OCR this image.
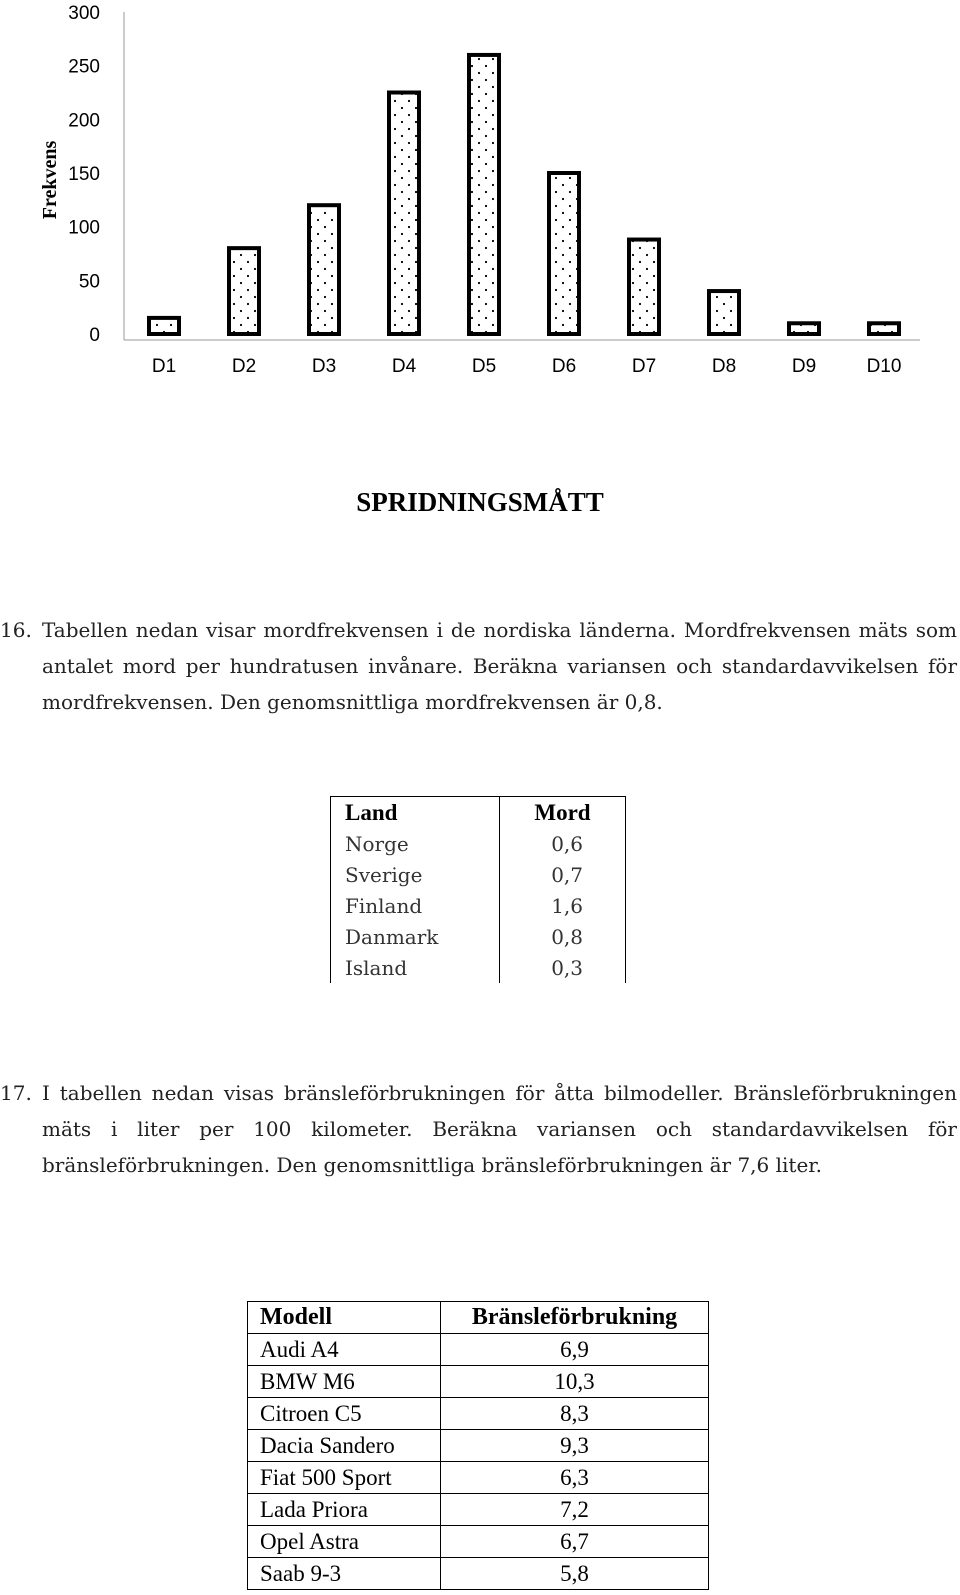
Frekvens
0
50
100
150
200
250
300
D1	D2	D3	D4	D5	D6	D7	D8	D9	D10
SPRIDNINGSMÅTT
16. Tabellen nedan visar mordfrekvensen i de nordiska länderna. Mordfrekvensen mäts som antalet mord per hundratusen invånare. Beräkna variansen och standardavvikelsen för mordfrekvensen. Den genomsnittliga mordfrekvensen är 0,8.
Land	Mord
Norge	0,6
Sverige	0,7
Finland	1,6
Danmark	0,8
Island	0,3
17. I tabellen nedan visas bränsleförbrukningen för åtta bilmodeller. Bränsleförbrukningen mäts i liter per 100 kilometer. Beräkna variansen och standardavvikelsen för bränsleförbrukningen. Den genomsnittliga bränsleförbrukningen är 7,6 liter.
Modell	Bränsleförbrukning
Audi A4	6,9
BMW M6	10,3
Citroen C5	8,3
Dacia Sandero	9,3
Fiat 500 Sport	6,3
Lada Priora	7,2
Opel Astra	6,7
Saab 9-3	5,8
